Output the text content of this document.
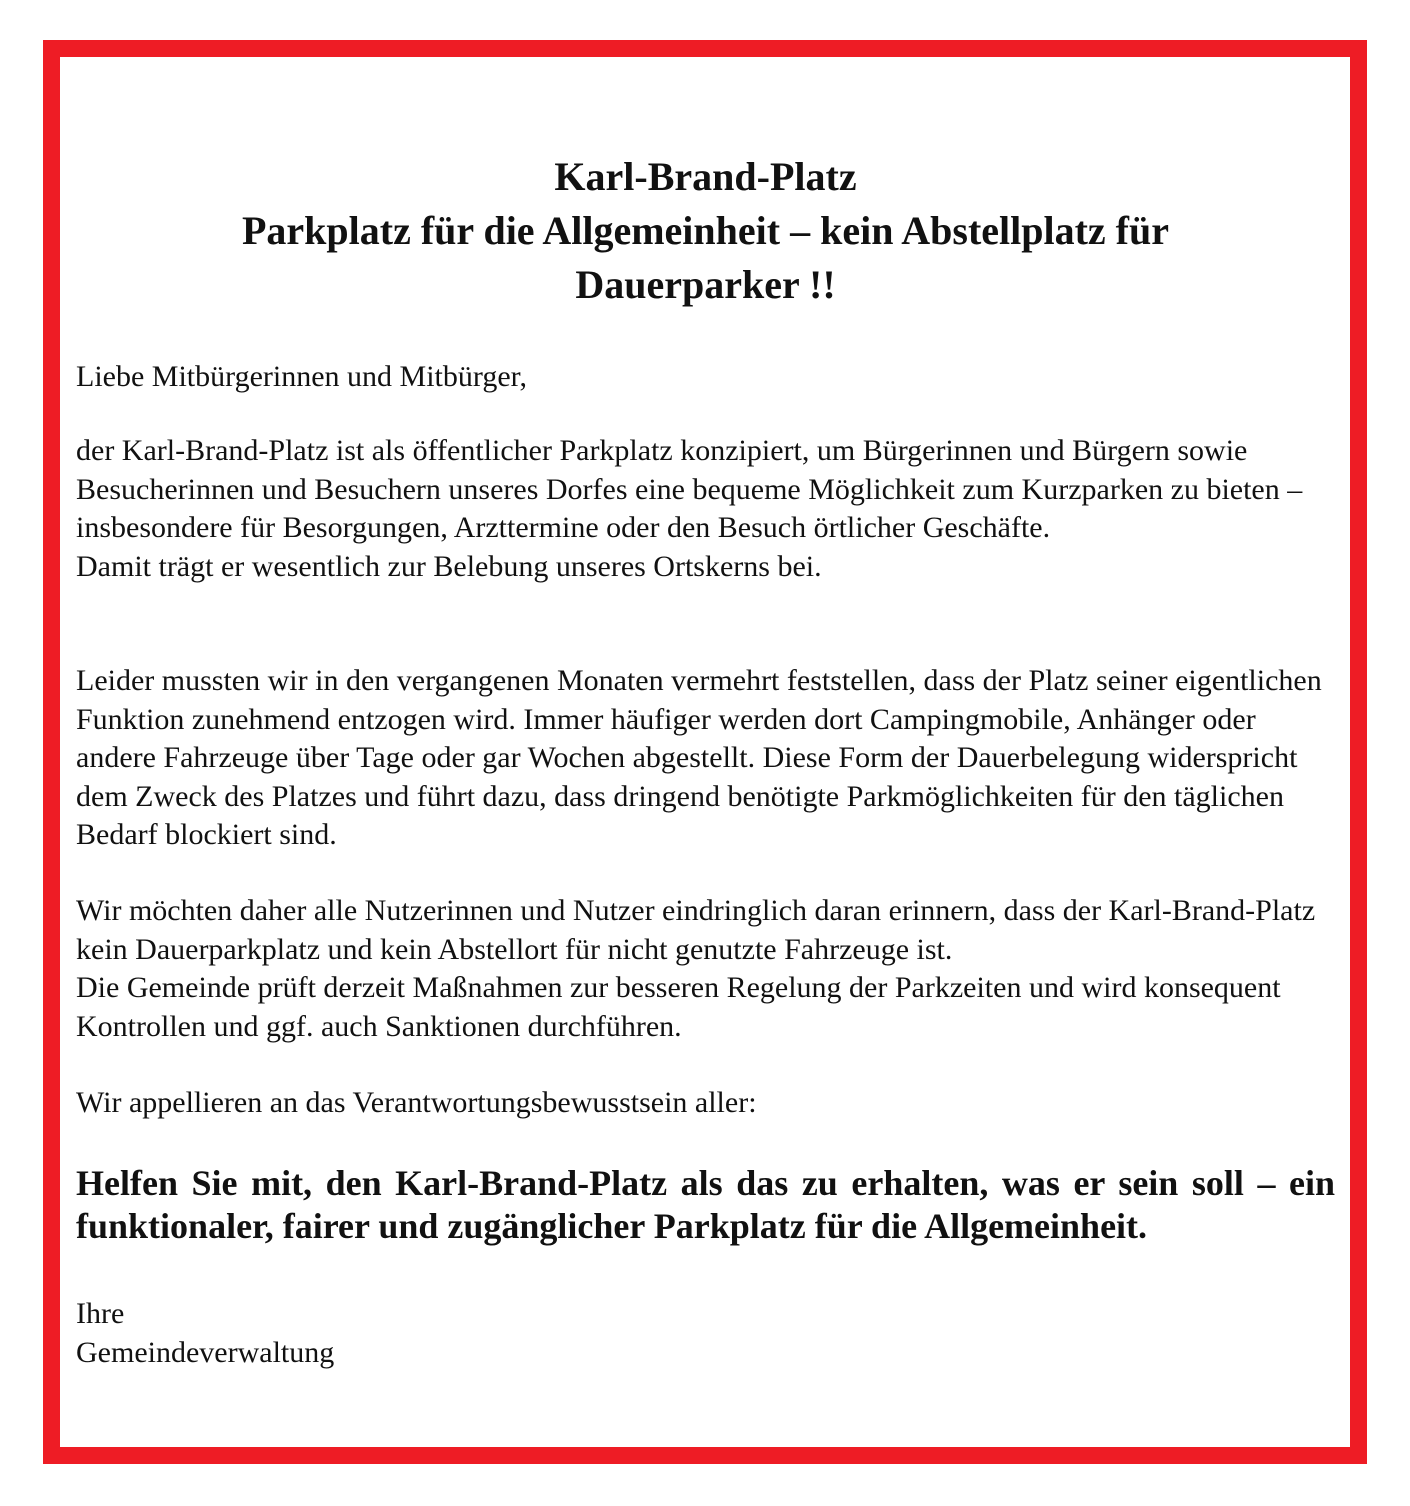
Karl-Brand-Platz
Parkplatz für die Allgemeinheit – kein Abstellplatz für
Dauerparker !!

Liebe Mitbürgerinnen und Mitbürger,

der Karl-Brand-Platz ist als öffentlicher Parkplatz konzipiert, um Bürgerinnen und Bürgern sowie Besucherinnen und Besuchern unseres Dorfes eine bequeme Möglichkeit zum Kurzparken zu bieten – insbesondere für Besorgungen, Arzttermine oder den Besuch örtlicher Geschäfte.
Damit trägt er wesentlich zur Belebung unseres Ortskerns bei.

Leider mussten wir in den vergangenen Monaten vermehrt feststellen, dass der Platz seiner eigentlichen Funktion zunehmend entzogen wird. Immer häufiger werden dort Campingmobile, Anhänger oder andere Fahrzeuge über Tage oder gar Wochen abgestellt. Diese Form der Dauerbelegung widerspricht dem Zweck des Platzes und führt dazu, dass dringend benötigte Parkmöglichkeiten für den täglichen Bedarf blockiert sind.

Wir möchten daher alle Nutzerinnen und Nutzer eindringlich daran erinnern, dass der Karl-Brand-Platz kein Dauerparkplatz und kein Abstellort für nicht genutzte Fahrzeuge ist.
Die Gemeinde prüft derzeit Maßnahmen zur besseren Regelung der Parkzeiten und wird konsequent Kontrollen und ggf. auch Sanktionen durchführen.

Wir appellieren an das Verantwortungsbewusstsein aller:

Helfen Sie mit, den Karl-Brand-Platz als das zu erhalten, was er sein soll – ein funktionaler, fairer und zugänglicher Parkplatz für die Allgemeinheit.

Ihre
Gemeindeverwaltung
